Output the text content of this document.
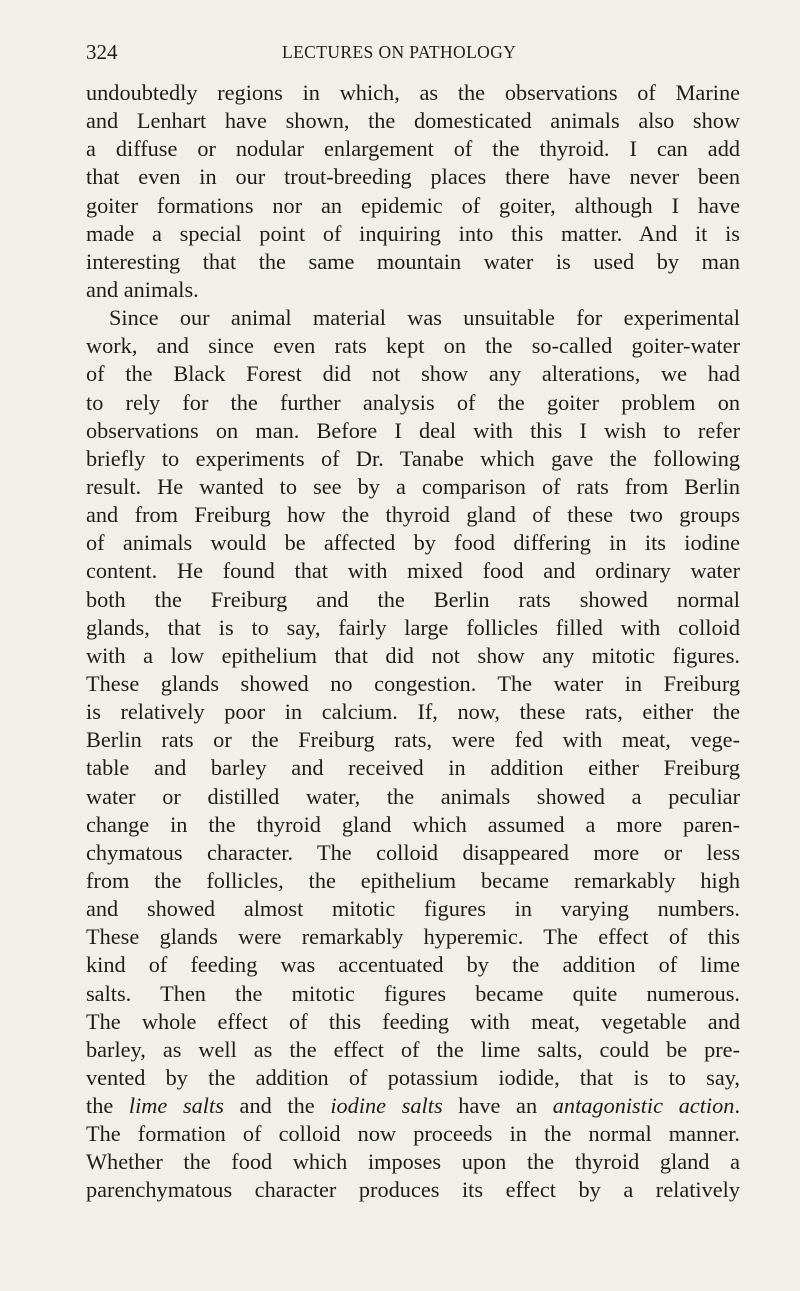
324	LECTURES ON PATHOLOGY
undoubtedly regions in which, as the observations of Marine
and Lenhart have shown, the domesticated animals also show
a diffuse or nodular enlargement of the thyroid. I can add
that even in our trout-breeding places there have never been
goiter formations nor an epidemic of goiter, although I have
made a special point of inquiring into this matter. And it is
interesting that the same mountain water is used by man
and animals.
Since our animal material was unsuitable for experimental
work, and since even rats kept on the so-called goiter-water
of the Black Forest did not show any alterations, we had
to rely for the further analysis of the goiter problem on
observations on man. Before I deal with this I wish to refer
briefly to experiments of Dr. Tanabe which gave the following
result. He wanted to see by a comparison of rats from Berlin
and from Freiburg how the thyroid gland of these two groups
of animals would be affected by food differing in its iodine
content. He found that with mixed food and ordinary water
both the Freiburg and the Berlin rats showed normal
glands, that is to say, fairly large follicles filled with colloid
with a low epithelium that did not show any mitotic figures.
These glands showed no congestion. The water in Freiburg
is relatively poor in calcium. If, now, these rats, either the
Berlin rats or the Freiburg rats, were fed with meat, vege-
table and barley and received in addition either Freiburg
water or distilled water, the animals showed a peculiar
change in the thyroid gland which assumed a more paren-
chymatous character. The colloid disappeared more or less
from the follicles, the epithelium became remarkably high
and showed almost mitotic figures in varying numbers.
These glands were remarkably hyperemic. The effect of this
kind of feeding was accentuated by the addition of lime
salts. Then the mitotic figures became quite numerous.
The whole effect of this feeding with meat, vegetable and
barley, as well as the effect of the lime salts, could be pre-
vented by the addition of potassium iodide, that is to say,
the lime salts and the iodine salts have an antagonistic action.
The formation of colloid now proceeds in the normal manner.
Whether the food which imposes upon the thyroid gland a
parenchymatous character produces its effect by a relatively
